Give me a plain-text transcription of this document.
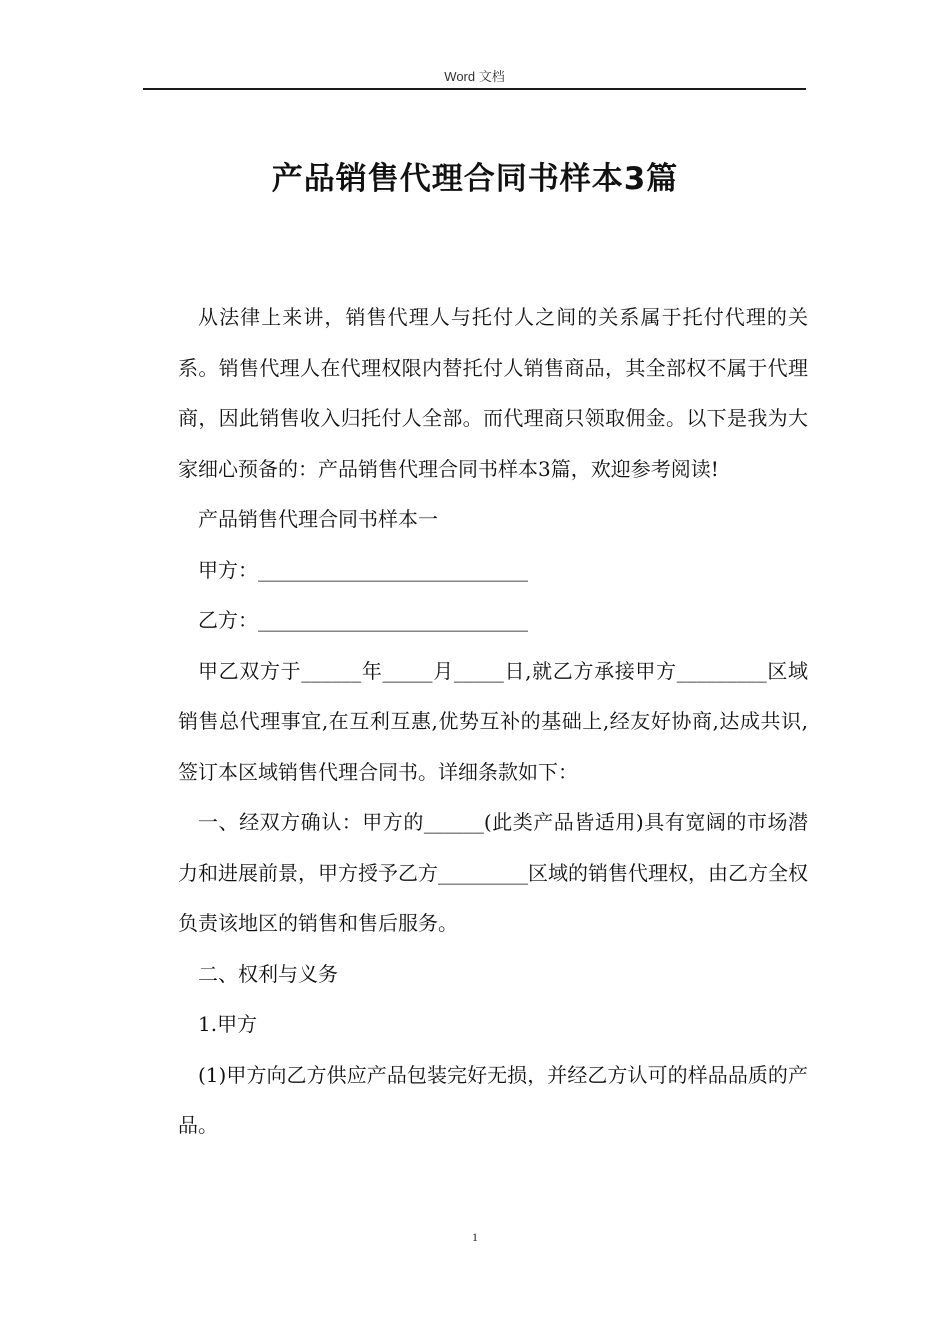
Word 文档
产品销售代理合同书样本3篇

从法律上来讲，销售代理人与托付人之间的关系属于托付代理的关系。销售代理人在代理权限内替托付人销售商品，其全部权不属于代理商，因此销售收入归托付人全部。而代理商只领取佣金。以下是我为大家细心预备的：产品销售代理合同书样本3篇，欢迎参考阅读!

产品销售代理合同书样本一

甲方：___________________________

乙方：___________________________

甲乙双方于______年_____月_____日,就乙方承接甲方_________区域销售总代理事宜,在互利互惠,优势互补的基础上,经友好协商,达成共识,签订本区域销售代理合同书。详细条款如下：

一、经双方确认：甲方的______(此类产品皆适用)具有宽阔的市场潜力和进展前景，甲方授予乙方_________区域的销售代理权，由乙方全权负责该地区的销售和售后服务。

二、权利与义务

1.甲方

(1)甲方向乙方供应产品包装完好无损，并经乙方认可的样品品质的产品。

1
